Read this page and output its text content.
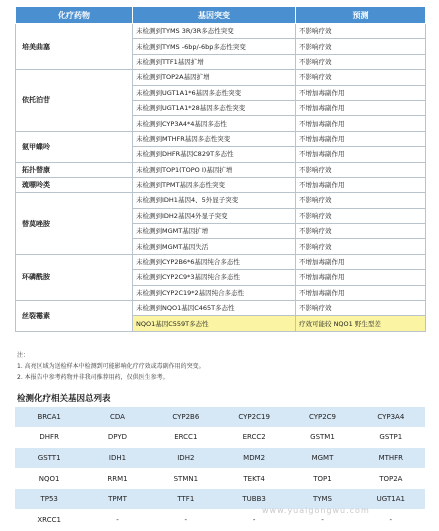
化疗药物	基因突变	预测
培美曲塞	未检测到TYMS 3R/3R多态性突变	不影响疗效
	未检测到TYMS -6bp/-6bp多态性突变	不影响疗效
	未检测到TTF1基因扩增	不影响疗效
依托泊苷	未检测到TOP2A基因扩增	不影响疗效
	未检测到UGT1A1*6基因多态性突变	不增加毒副作用
	未检测到UGT1A1*28基因多态性突变	不增加毒副作用
	未检测到CYP3A4*4基因多态性	不增加毒副作用
氨甲蝶呤	未检测到MTHFR基因多态性突变	不增加毒副作用
	未检测到DHFR基因C829T多态性	不增加毒副作用
拓扑替康	未检测到TOP1(TOPO I)基因扩增	不影响疗效
巯嘌呤类	未检测到TPMT基因多态性突变	不增加毒副作用
替莫唑胺	未检测到IDH1基因4、5外显子突变	不影响疗效
	未检测到IDH2基因4外显子突变	不影响疗效
	未检测到MGMT基因扩增	不影响疗效
	未检测到MGMT基因失活	不影响疗效
环磷酰胺	未检测到CYP2B6*6基因纯合多态性	不增加毒副作用
	未检测到CYP2C9*3基因纯合多态性	不增加毒副作用
	未检测到CYP2C19*2基因纯合多态性	不增加毒副作用
丝裂霉素	未检测到NQO1基因C465T多态性	不影响疗效
	NQO1基因C559T多态性	疗效可能较 NQO1 野生型差
注：
1. 高亮区域为送检样本中检测到可能影响化疗疗效或毒副作用的突变。
2. 本报告中参考药物并非我司推荐用药，仅供医生参考。
检测化疗相关基因总列表
BRCA1	CDA	CYP2B6	CYP2C19	CYP2C9	CYP3A4
DHFR	DPYD	ERCC1	ERCC2	GSTM1	GSTP1
GSTT1	IDH1	IDH2	MDM2	MGMT	MTHFR
NQO1	RRM1	STMN1	TEKT4	TOP1	TOP2A
TP53	TPMT	TTF1	TUBB3	TYMS	UGT1A1
XRCC1	-	-	-	-	-
www.yuaigongwu.com
